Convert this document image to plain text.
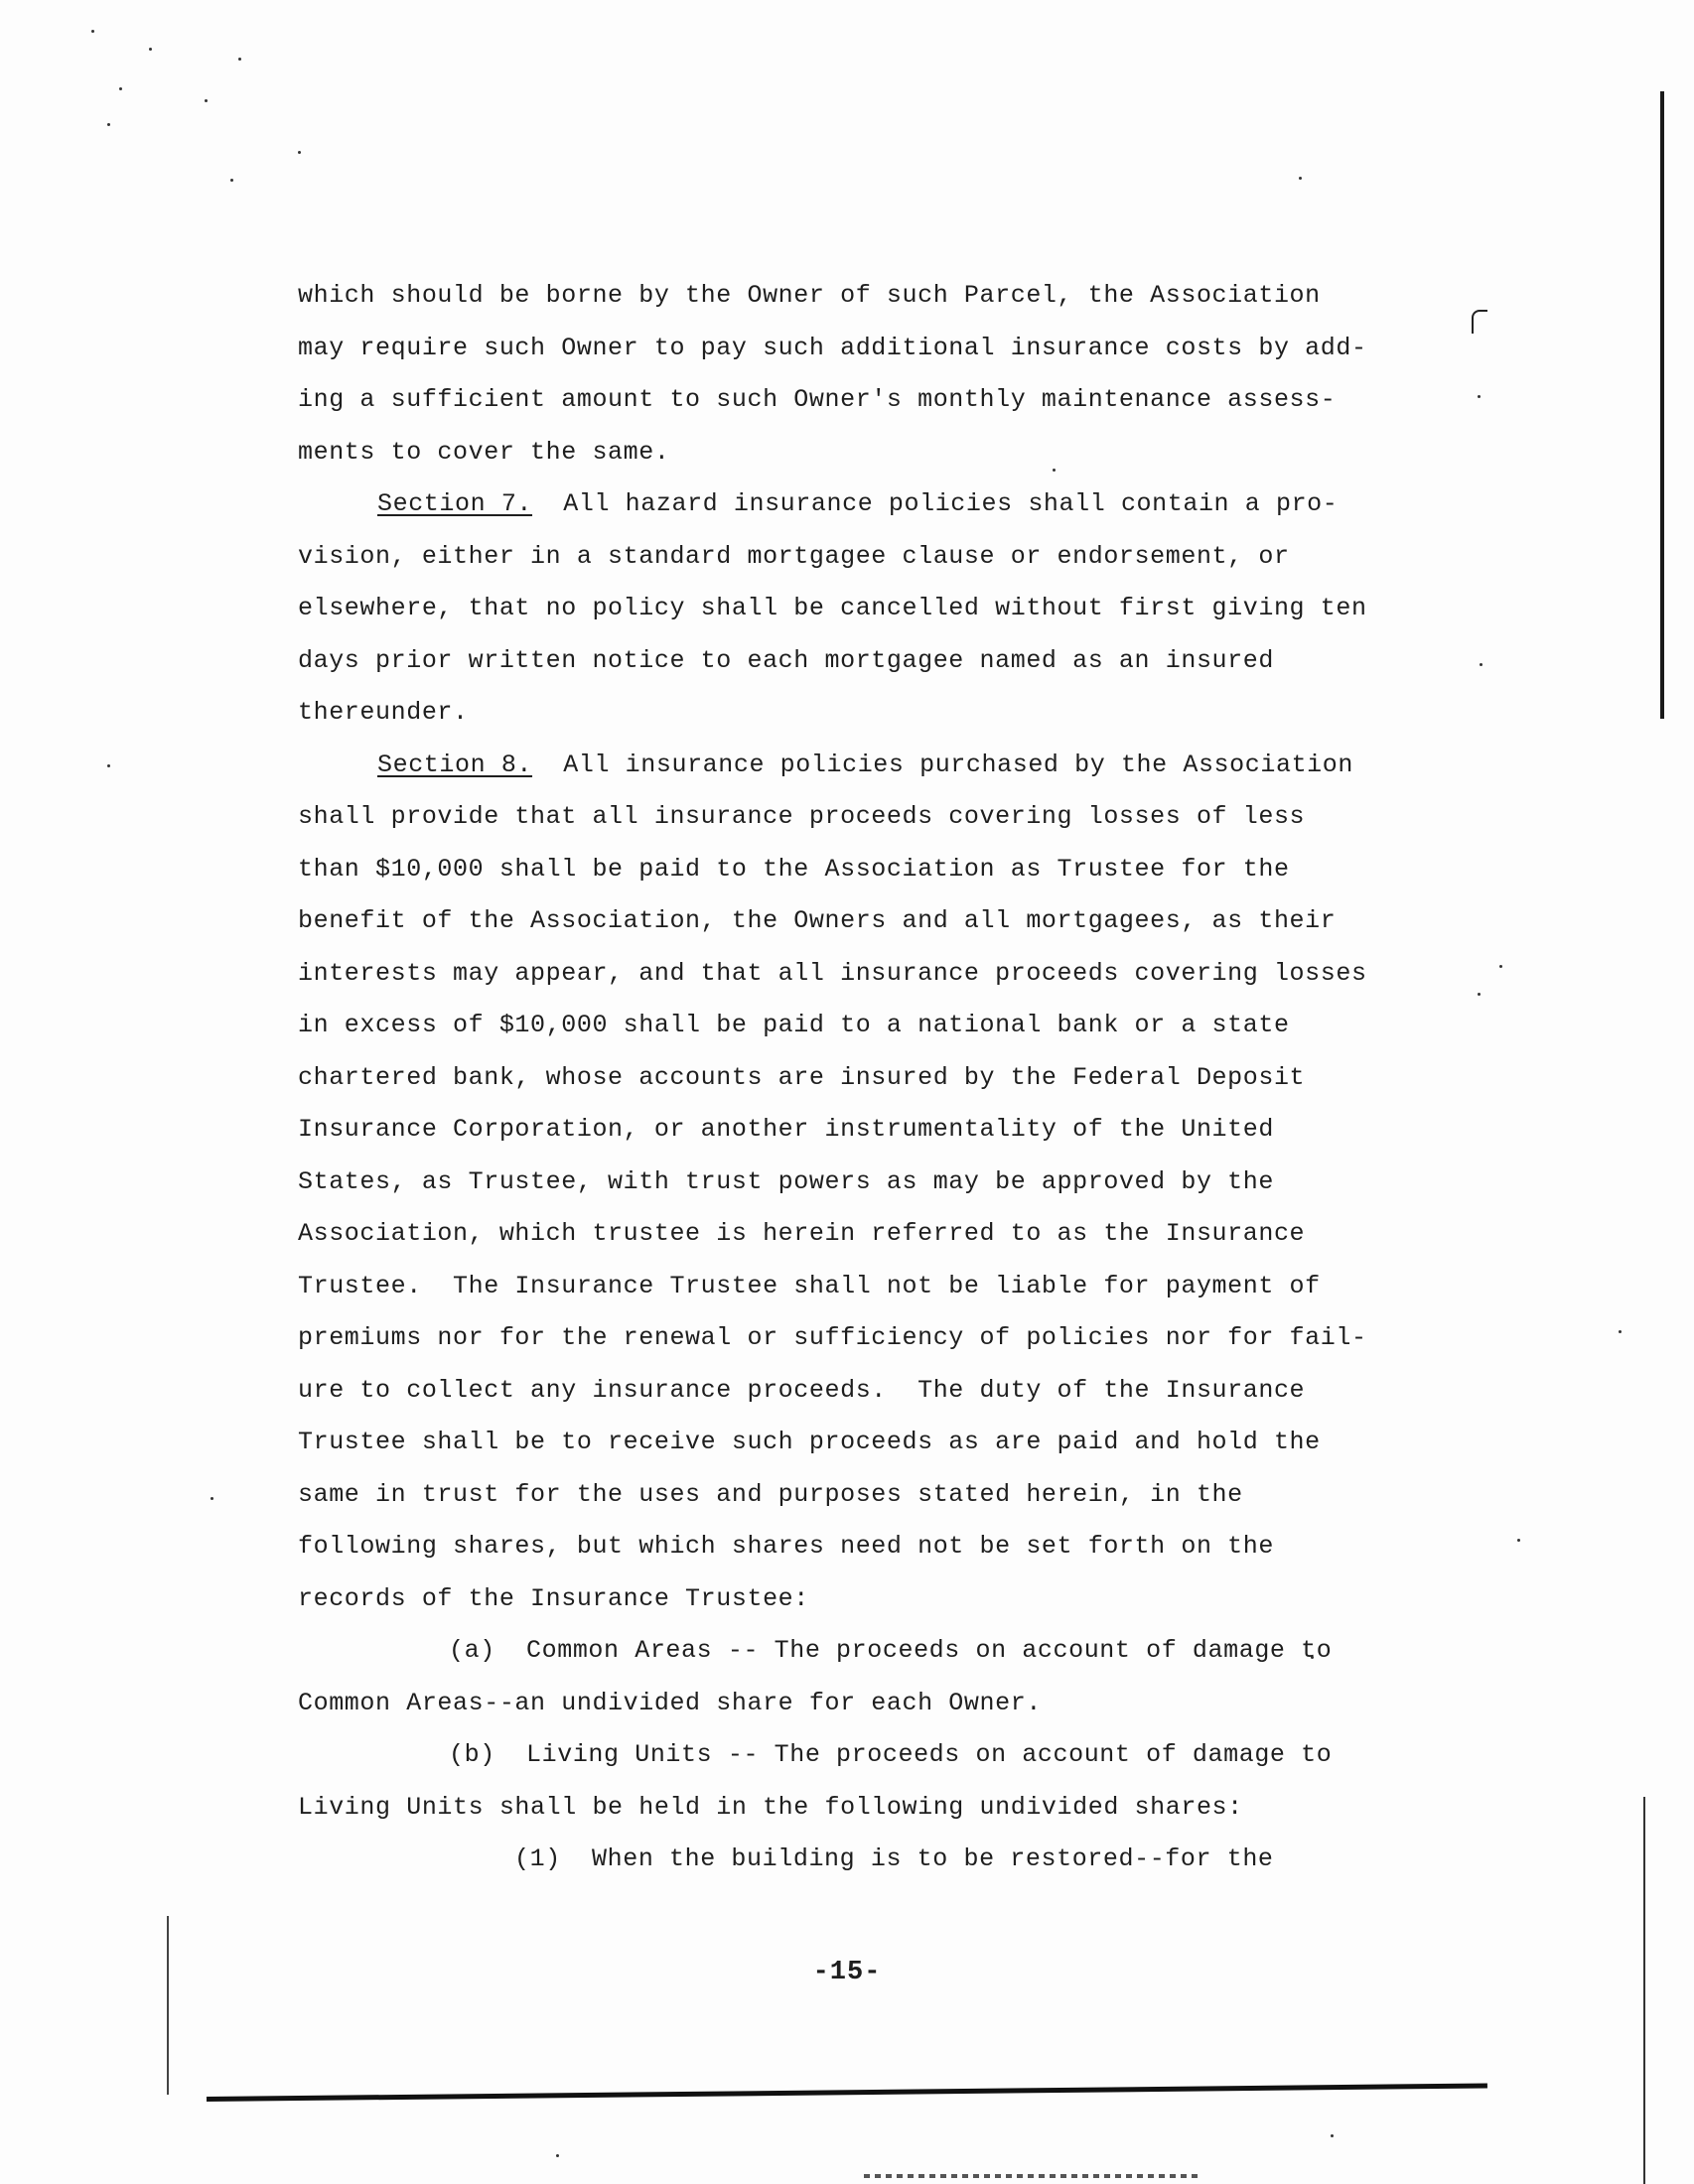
which should be borne by the Owner of such Parcel, the Association
may require such Owner to pay such additional insurance costs by add-
ing a sufficient amount to such Owner's monthly maintenance assess-
ments to cover the same.
Section 7. All hazard insurance policies shall contain a pro-
vision, either in a standard mortgagee clause or endorsement, or
elsewhere, that no policy shall be cancelled without first giving ten
days prior written notice to each mortgagee named as an insured
thereunder.
Section 8. All insurance policies purchased by the Association
shall provide that all insurance proceeds covering losses of less
than $10,000 shall be paid to the Association as Trustee for the
benefit of the Association, the Owners and all mortgagees, as their
interests may appear, and that all insurance proceeds covering losses
in excess of $10,000 shall be paid to a national bank or a state
chartered bank, whose accounts are insured by the Federal Deposit
Insurance Corporation, or another instrumentality of the United
States, as Trustee, with trust powers as may be approved by the
Association, which trustee is herein referred to as the Insurance
Trustee.  The Insurance Trustee shall not be liable for payment of
premiums nor for the renewal or sufficiency of policies nor for fail-
ure to collect any insurance proceeds.  The duty of the Insurance
Trustee shall be to receive such proceeds as are paid and hold the
same in trust for the uses and purposes stated herein, in the
following shares, but which shares need not be set forth on the
records of the Insurance Trustee:
(a)  Common Areas -- The proceeds on account of damage to
Common Areas--an undivided share for each Owner.
(b)  Living Units -- The proceeds on account of damage to
Living Units shall be held in the following undivided shares:
(1)  When the building is to be restored--for the
-15-
